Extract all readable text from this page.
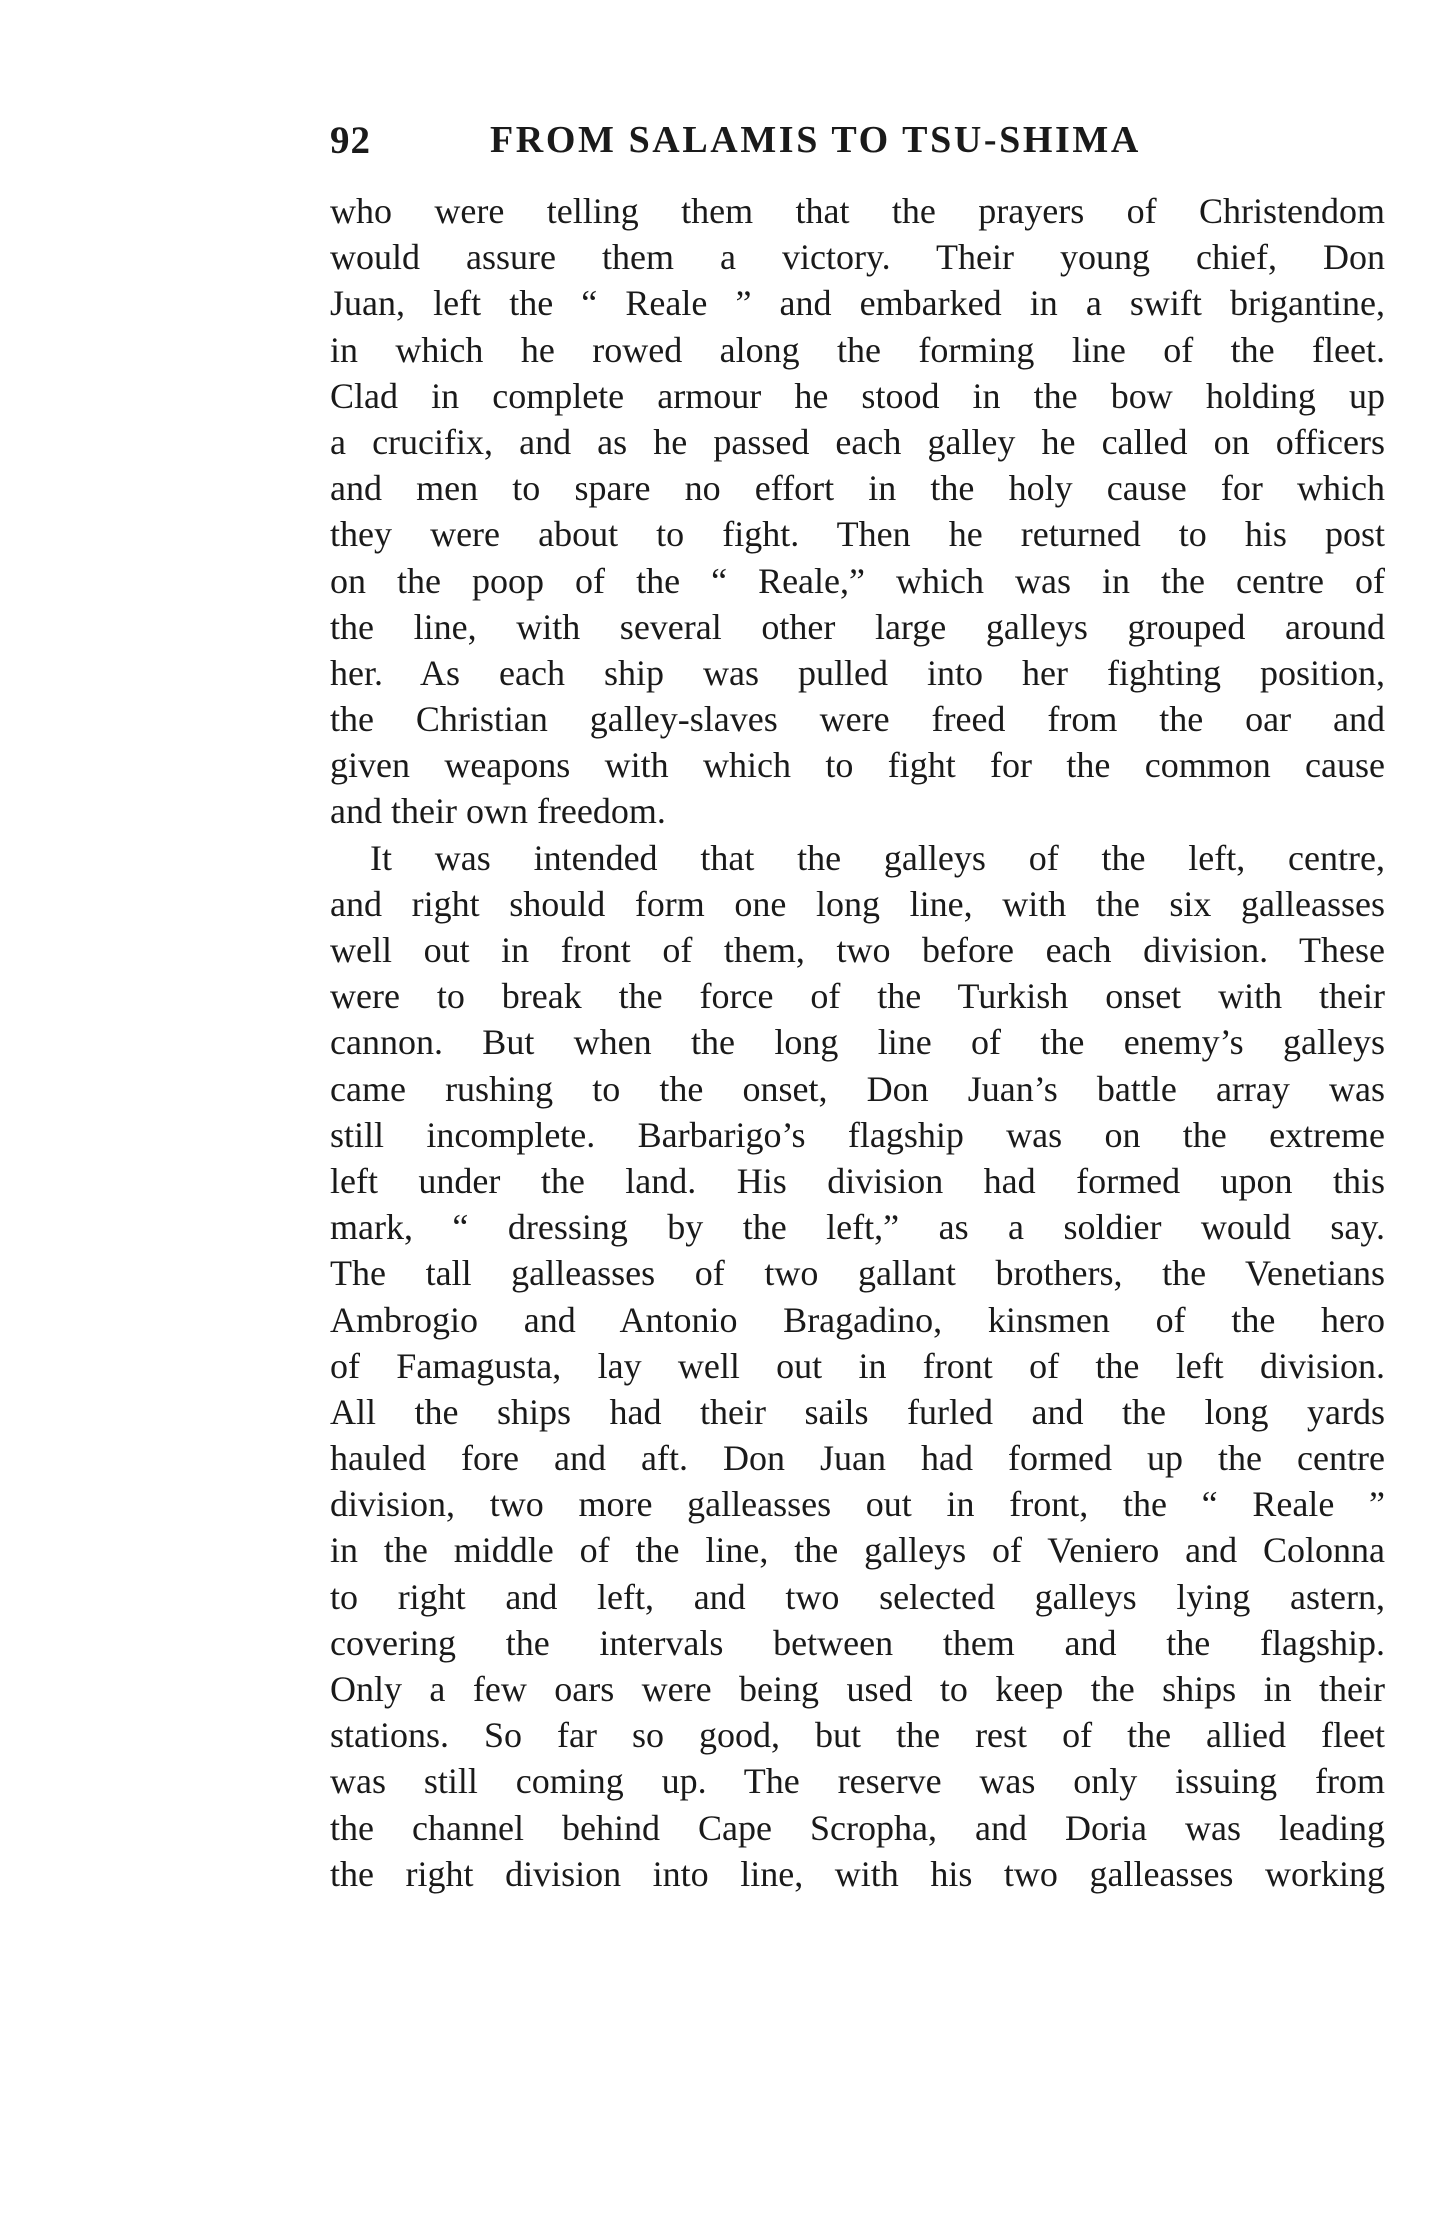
92	FROM SALAMIS TO TSU-SHIMA
who were telling them that the prayers of Christendom
would assure them a victory. Their young chief, Don
Juan, left the “ Reale ” and embarked in a swift brigantine,
in which he rowed along the forming line of the fleet.
Clad in complete armour he stood in the bow holding up
a crucifix, and as he passed each galley he called on officers
and men to spare no effort in the holy cause for which
they were about to fight. Then he returned to his post
on the poop of the “ Reale,” which was in the centre of
the line, with several other large galleys grouped around
her. As each ship was pulled into her fighting position,
the Christian galley-slaves were freed from the oar and
given weapons with which to fight for the common cause
and their own freedom.
It was intended that the galleys of the left, centre,
and right should form one long line, with the six galleasses
well out in front of them, two before each division. These
were to break the force of the Turkish onset with their
cannon. But when the long line of the enemy’s galleys
came rushing to the onset, Don Juan’s battle array was
still incomplete. Barbarigo’s flagship was on the extreme
left under the land. His division had formed upon this
mark, “ dressing by the left,” as a soldier would say.
The tall galleasses of two gallant brothers, the Venetians
Ambrogio and Antonio Bragadino, kinsmen of the hero
of Famagusta, lay well out in front of the left division.
All the ships had their sails furled and the long yards
hauled fore and aft. Don Juan had formed up the centre
division, two more galleasses out in front, the “ Reale ”
in the middle of the line, the galleys of Veniero and Colonna
to right and left, and two selected galleys lying astern,
covering the intervals between them and the flagship.
Only a few oars were being used to keep the ships in their
stations. So far so good, but the rest of the allied fleet
was still coming up. The reserve was only issuing from
the channel behind Cape Scropha, and Doria was leading
the right division into line, with his two galleasses working
